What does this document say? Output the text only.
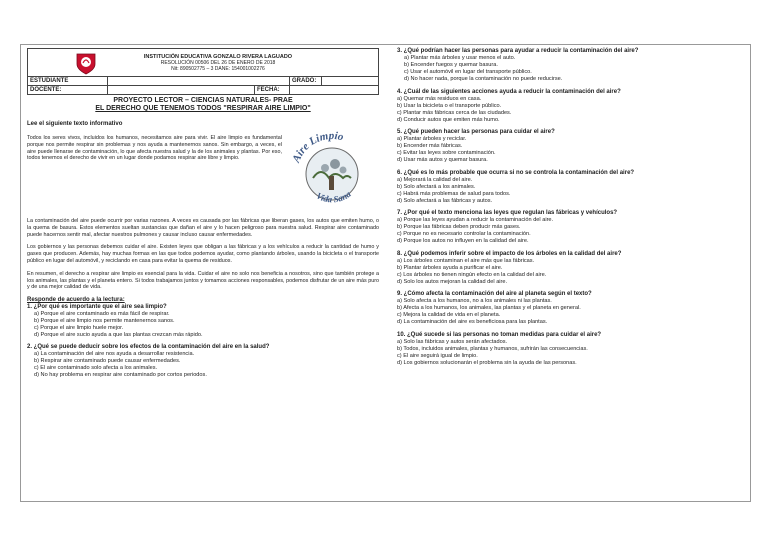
INSTITUCIÓN EDUCATIVA GONZALO RIVERA LAGUADO
RESOLUCIÓN 00506 DEL 26 DE ENERO DE 2018
Nit: 890502775 – 3 DANE: 154001002276
ESTUDIANTE	GRADO:
DOCENTE:	FECHA:
PROYECTO LECTOR – CIENCIAS NATURALES- PRAE
EL DERECHO QUE TENEMOS TODOS "RESPIRAR AIRE LIMPIO"
Lee el siguiente texto informativo

Todos los seres vivos, incluidos los humanos, necesitamos aire para vivir. El aire limpio es fundamental porque nos permite respirar sin problemas y nos ayuda a mantenernos sanos. Sin embargo, a veces, el aire puede llenarse de contaminación, lo que afecta nuestra salud y la de los animales y plantas. Por eso, todos tenemos el derecho de vivir en un lugar donde podamos respirar aire libre y limpio.	Aire Limpio
Vida Sana

La contaminación del aire puede ocurrir por varias razones. A veces es causada por las fábricas que liberan gases, los autos que emiten humo, o la quema de basura. Estos elementos sueltan sustancias que dañan el aire y lo hacen peligroso para nuestra salud. Respirar aire contaminado puede hacernos sentir mal, afectar nuestros pulmones y causar incluso causar enfermedades.

Los gobiernos y las personas debemos cuidar el aire. Existen leyes que obligan a las fábricas y a los vehículos a reducir la cantidad de humo y gases que producen. Además, hay muchas formas en las que todos podemos ayudar, como plantando árboles, usando la bicicleta o el transporte público en lugar del automóvil, y reciclando en casa para evitar la quema de residuos.

En resumen, el derecho a respirar aire limpio es esencial para la vida. Cuidar el aire no solo nos beneficia a nosotros, sino que también protege a los animales, las plantas y el planeta entero. Si todos trabajamos juntos y tomamos acciones responsables, podemos disfrutar de un aire más puro y de una mejor calidad de vida.

Responde de acuerdo a la lectura:
1. ¿Por qué es importante que el aire sea limpio?
a) Porque el aire contaminado es más fácil de respirar.
b) Porque el aire limpio nos permite mantenernos sanos.
c) Porque el aire limpio huele mejor.
d) Porque el aire sucio ayuda a que las plantas crezcan más rápido.
2. ¿Qué se puede deducir sobre los efectos de la contaminación del aire en la salud?
a) La contaminación del aire nos ayuda a desarrollar resistencia.
b) Respirar aire contaminado puede causar enfermedades.
c) El aire contaminado solo afecta a los animales.
d) No hay problema en respirar aire contaminado por cortos periodos.
3. ¿Qué podrían hacer las personas para ayudar a reducir la contaminación del aire?
a) Plantar más árboles y usar menos el auto.
b) Encender fuegos y quemar basura.
c) Usar el automóvil en lugar del transporte público.
d) No hacer nada, porque la contaminación no puede reducirse.
4. ¿Cuál de las siguientes acciones ayuda a reducir la contaminación del aire?
a) Quemar más residuos en casa.
b) Usar la bicicleta o el transporte público.
c) Plantar más fábricas cerca de las ciudades.
d) Conducir autos que emiten más humo.
5. ¿Qué pueden hacer las personas para cuidar el aire?
a) Plantar árboles y reciclar.
b) Encender más fábricas.
c) Evitar las leyes sobre contaminación.
d) Usar más autos y quemar basura.
6. ¿Qué es lo más probable que ocurra si no se controla la contaminación del aire?
a) Mejorará la calidad del aire.
b) Solo afectará a los animales.
c) Habrá más problemas de salud para todos.
d) Solo afectará a las fábricas y autos.
7. ¿Por qué el texto menciona las leyes que regulan las fábricas y vehículos?
a) Porque las leyes ayudan a reducir la contaminación del aire.
b) Porque las fábricas deben producir más gases.
c) Porque no es necesario controlar la contaminación.
d) Porque los autos no influyen en la calidad del aire.
8. ¿Qué podemos inferir sobre el impacto de los árboles en la calidad del aire?
a) Los árboles contaminan el aire más que las fábricas.
b) Plantar árboles ayuda a purificar el aire.
c) Los árboles no tienen ningún efecto en la calidad del aire.
d) Solo los autos mejoran la calidad del aire.
9. ¿Cómo afecta la contaminación del aire al planeta según el texto?
a) Solo afecta a los humanos, no a los animales ni las plantas.
b) Afecta a los humanos, los animales, las plantas y el planeta en general.
c) Mejora la calidad de vida en el planeta.
d) La contaminación del aire es beneficiosa para las plantas.
10. ¿Qué sucede si las personas no toman medidas para cuidar el aire?
a) Solo las fábricas y autos serán afectados.
b) Todos, incluidos animales, plantas y humanos, sufrirán las consecuencias.
c) El aire seguirá igual de limpio.
d) Los gobiernos solucionarán el problema sin la ayuda de las personas.
